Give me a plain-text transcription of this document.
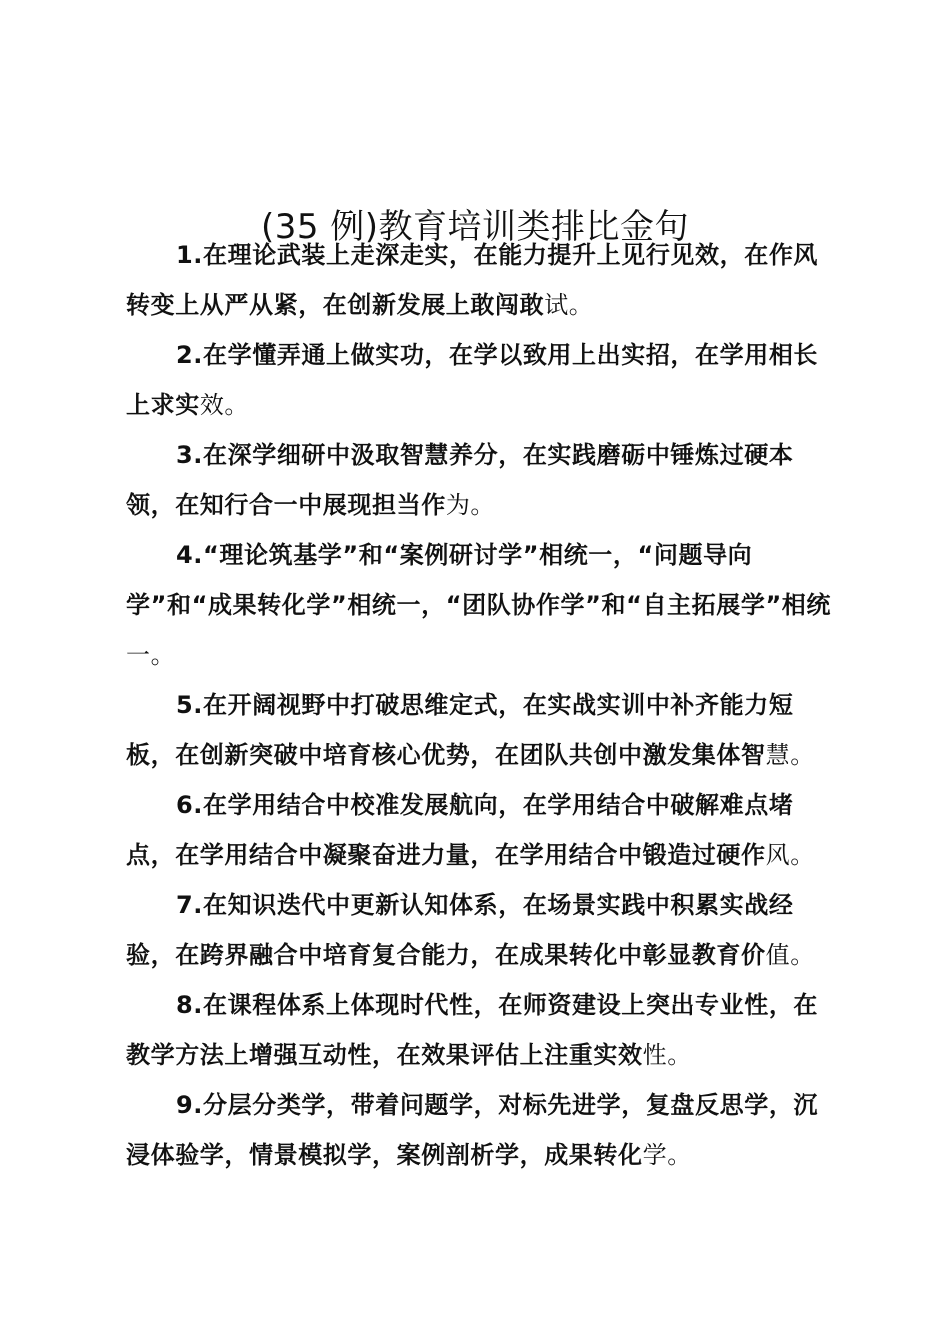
(35 例)教育培训类排比金句

1.在理论武装上走深走实，在能力提升上见行见效，在作风转变上从严从紧，在创新发展上敢闯敢试。

2.在学懂弄通上做实功，在学以致用上出实招，在学用相长上求实效。

3.在深学细研中汲取智慧养分，在实践磨砺中锤炼过硬本领，在知行合一中展现担当作为。

4.“理论筑基学”和“案例研讨学”相统一，“问题导向学”和“成果转化学”相统一，“团队协作学”和“自主拓展学”相统一。

5.在开阔视野中打破思维定式，在实战实训中补齐能力短板，在创新突破中培育核心优势，在团队共创中激发集体智慧。

6.在学用结合中校准发展航向，在学用结合中破解难点堵点，在学用结合中凝聚奋进力量，在学用结合中锻造过硬作风。

7.在知识迭代中更新认知体系，在场景实践中积累实战经验，在跨界融合中培育复合能力，在成果转化中彰显教育价值。

8.在课程体系上体现时代性，在师资建设上突出专业性，在教学方法上增强互动性，在效果评估上注重实效性。

9.分层分类学，带着问题学，对标先进学，复盘反思学，沉浸体验学，情景模拟学，案例剖析学，成果转化学。
